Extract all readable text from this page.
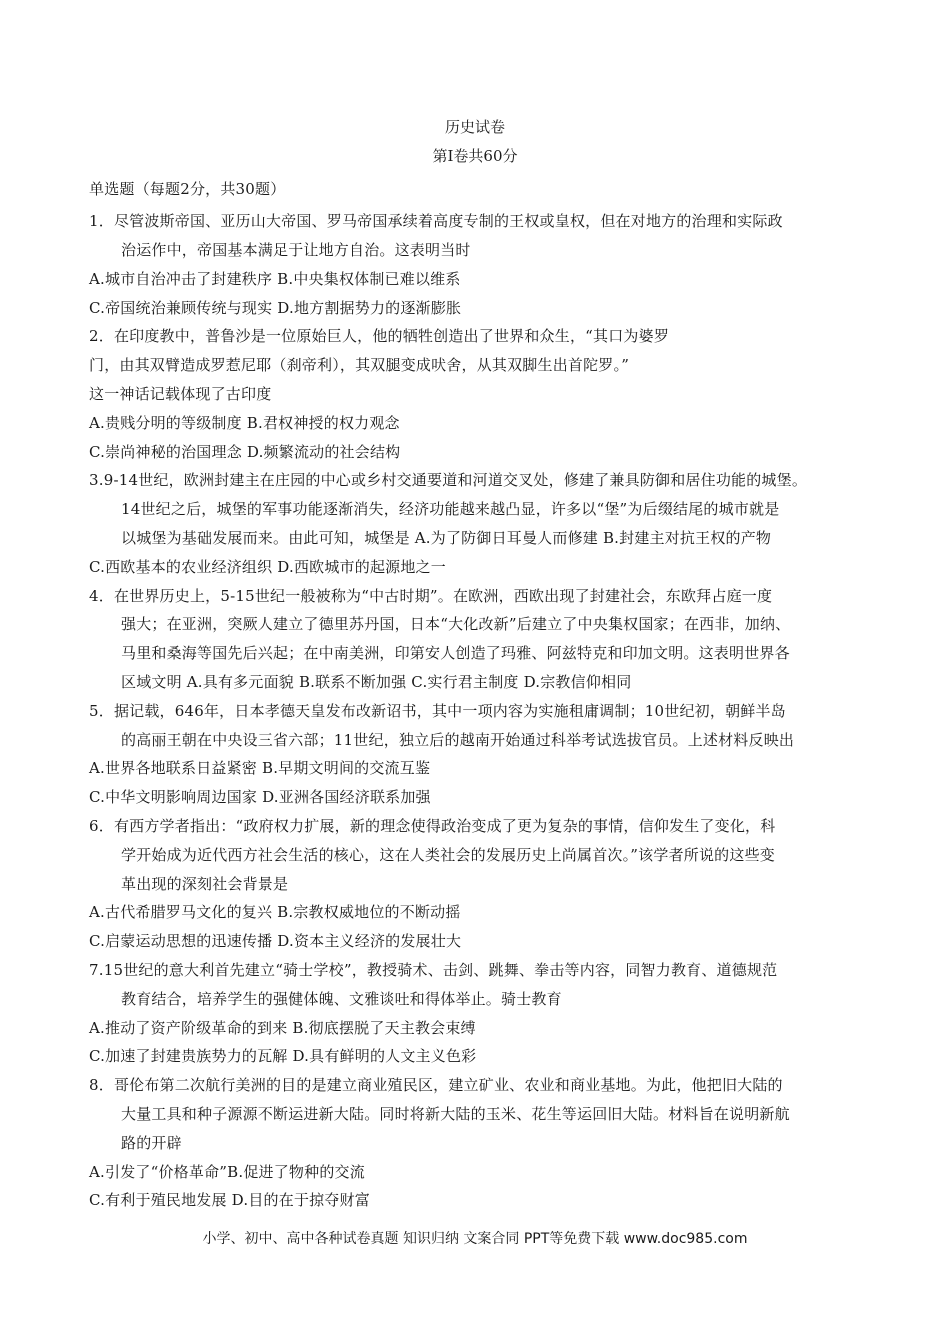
历史试卷
第Ⅰ卷共60分
单选题（每题2分，共30题）
1．尽管波斯帝国、亚历山大帝国、罗马帝国承续着高度专制的王权或皇权，但在对地方的治理和实际政
治运作中，帝国基本满足于让地方自治。这表明当时
A.城市自治冲击了封建秩序 B.中央集权体制已难以维系
C.帝国统治兼顾传统与现实 D.地方割据势力的逐渐膨胀
2．在印度教中，普鲁沙是一位原始巨人，他的牺牲创造出了世界和众生，“其口为婆罗
门，由其双臂造成罗惹尼耶（刹帝利），其双腿变成吠舍，从其双脚生出首陀罗。”
这一神话记载体现了古印度
A.贵贱分明的等级制度 B.君权神授的权力观念
C.崇尚神秘的治国理念 D.频繁流动的社会结构
3.9-14世纪，欧洲封建主在庄园的中心或乡村交通要道和河道交叉处，修建了兼具防御和居住功能的城堡。
14世纪之后，城堡的军事功能逐渐消失，经济功能越来越凸显，许多以“堡”为后缀结尾的城市就是
以城堡为基础发展而来。由此可知，城堡是 A.为了防御日耳曼人而修建 B.封建主对抗王权的产物
C.西欧基本的农业经济组织 D.西欧城市的起源地之一
4．在世界历史上，5-15世纪一般被称为“中古时期”。在欧洲，西欧出现了封建社会，东欧拜占庭一度
强大；在亚洲，突厥人建立了德里苏丹国，日本“大化改新”后建立了中央集权国家；在西非，加纳、
马里和桑海等国先后兴起；在中南美洲，印第安人创造了玛雅、阿兹特克和印加文明。这表明世界各
区域文明 A.具有多元面貌 B.联系不断加强 C.实行君主制度 D.宗教信仰相同
5．据记载，646年，日本孝德天皇发布改新诏书，其中一项内容为实施租庸调制；10世纪初，朝鲜半岛
的高丽王朝在中央设三省六部；11世纪，独立后的越南开始通过科举考试选拔官员。上述材料反映出
A.世界各地联系日益紧密 B.早期文明间的交流互鉴
C.中华文明影响周边国家 D.亚洲各国经济联系加强
6．有西方学者指出：“政府权力扩展，新的理念使得政治变成了更为复杂的事情，信仰发生了变化，科
学开始成为近代西方社会生活的核心，这在人类社会的发展历史上尚属首次。”该学者所说的这些变
革出现的深刻社会背景是
A.古代希腊罗马文化的复兴 B.宗教权威地位的不断动摇
C.启蒙运动思想的迅速传播 D.资本主义经济的发展壮大
7.15世纪的意大利首先建立“骑士学校”，教授骑术、击剑、跳舞、拳击等内容，同智力教育、道德规范
教育结合，培养学生的强健体魄、文雅谈吐和得体举止。骑士教育
A.推动了资产阶级革命的到来 B.彻底摆脱了天主教会束缚
C.加速了封建贵族势力的瓦解 D.具有鲜明的人文主义色彩
8．哥伦布第二次航行美洲的目的是建立商业殖民区，建立矿业、农业和商业基地。为此，他把旧大陆的
大量工具和种子源源不断运进新大陆。同时将新大陆的玉米、花生等运回旧大陆。材料旨在说明新航
路的开辟
A.引发了“价格革命”B.促进了物种的交流
C.有利于殖民地发展 D.目的在于掠夺财富
小学、初中、高中各种试卷真题 知识归纳 文案合同 PPT等免费下载 www.doc985.com
